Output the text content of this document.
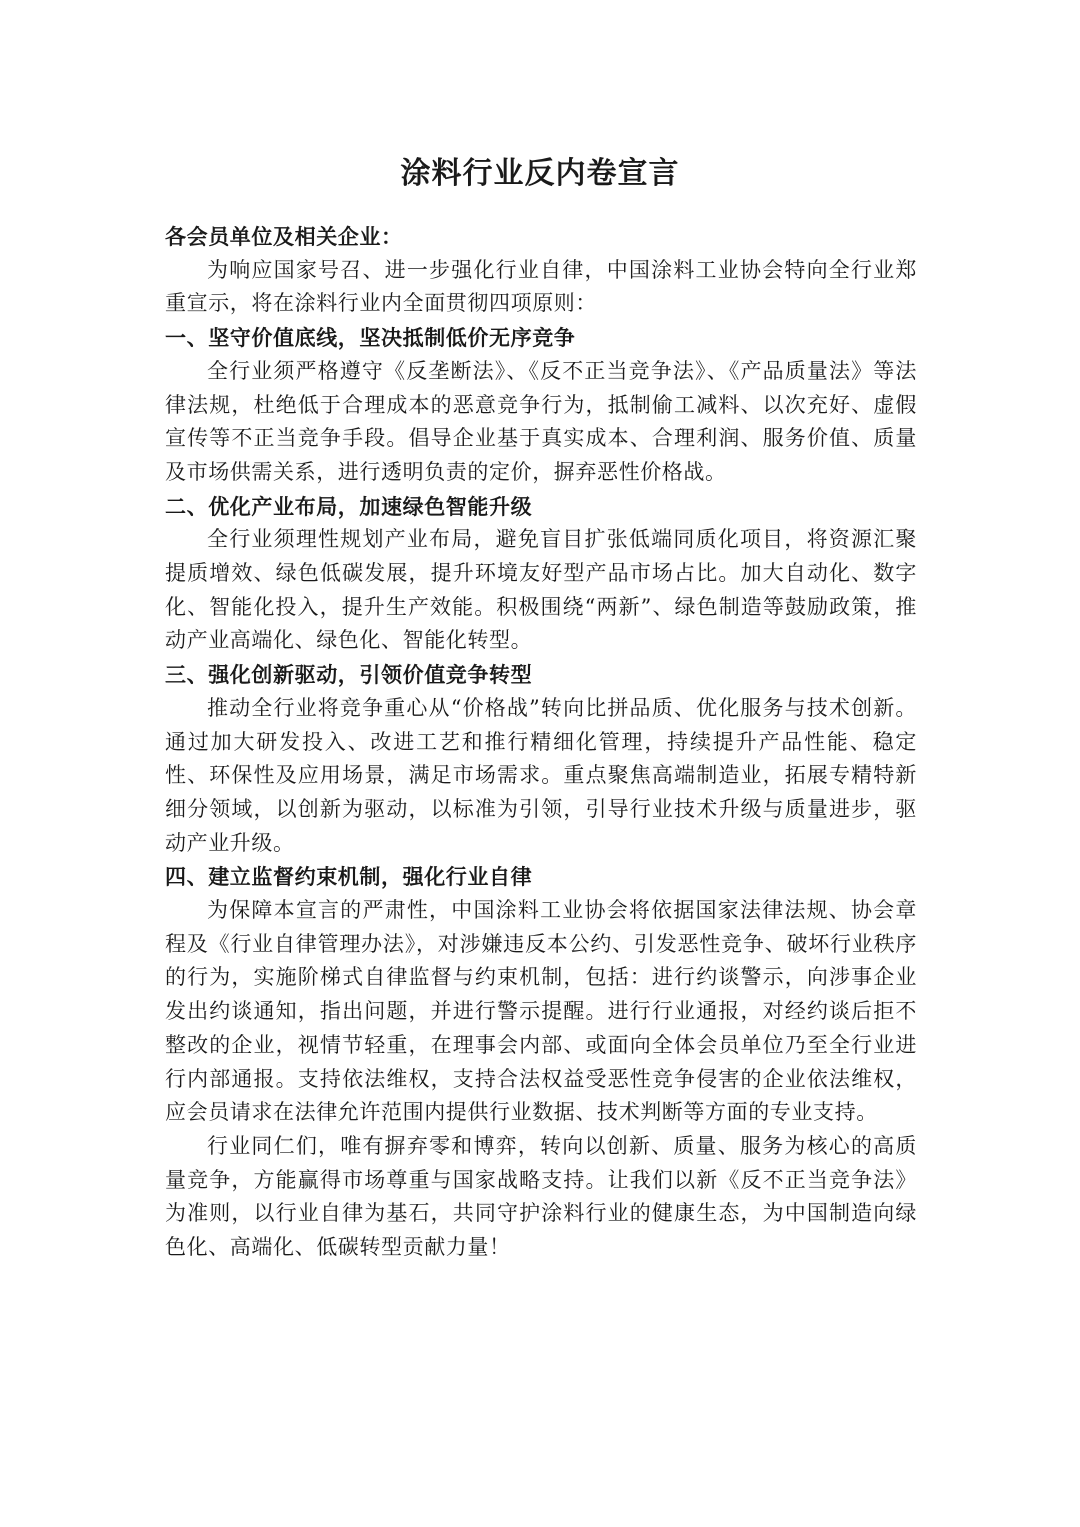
涂料行业反内卷宣言

各会员单位及相关企业：

为响应国家号召、进一步强化行业自律，中国涂料工业协会特向全行业郑重宣示，将在涂料行业内全面贯彻四项原则：

一、坚守价值底线，坚决抵制低价无序竞争

全行业须严格遵守《反垄断法》、《反不正当竞争法》、《产品质量法》等法律法规，杜绝低于合理成本的恶意竞争行为，抵制偷工减料、以次充好、虚假宣传等不正当竞争手段。倡导企业基于真实成本、合理利润、服务价值、质量及市场供需关系，进行透明负责的定价，摒弃恶性价格战。

二、优化产业布局，加速绿色智能升级

全行业须理性规划产业布局，避免盲目扩张低端同质化项目，将资源汇聚提质增效、绿色低碳发展，提升环境友好型产品市场占比。加大自动化、数字化、智能化投入，提升生产效能。积极围绕“两新”、绿色制造等鼓励政策，推动产业高端化、绿色化、智能化转型。

三、强化创新驱动，引领价值竞争转型

推动全行业将竞争重心从“价格战”转向比拼品质、优化服务与技术创新。通过加大研发投入、改进工艺和推行精细化管理，持续提升产品性能、稳定性、环保性及应用场景，满足市场需求。重点聚焦高端制造业，拓展专精特新细分领域，以创新为驱动，以标准为引领，引导行业技术升级与质量进步，驱动产业升级。

四、建立监督约束机制，强化行业自律

为保障本宣言的严肃性，中国涂料工业协会将依据国家法律法规、协会章程及《行业自律管理办法》，对涉嫌违反本公约、引发恶性竞争、破坏行业秩序的行为，实施阶梯式自律监督与约束机制，包括：进行约谈警示，向涉事企业发出约谈通知，指出问题，并进行警示提醒。进行行业通报，对经约谈后拒不整改的企业，视情节轻重，在理事会内部、或面向全体会员单位乃至全行业进行内部通报。支持依法维权，支持合法权益受恶性竞争侵害的企业依法维权，应会员请求在法律允许范围内提供行业数据、技术判断等方面的专业支持。

行业同仁们，唯有摒弃零和博弈，转向以创新、质量、服务为核心的高质量竞争，方能赢得市场尊重与国家战略支持。让我们以新《反不正当竞争法》为准则，以行业自律为基石，共同守护涂料行业的健康生态，为中国制造向绿色化、高端化、低碳转型贡献力量！
